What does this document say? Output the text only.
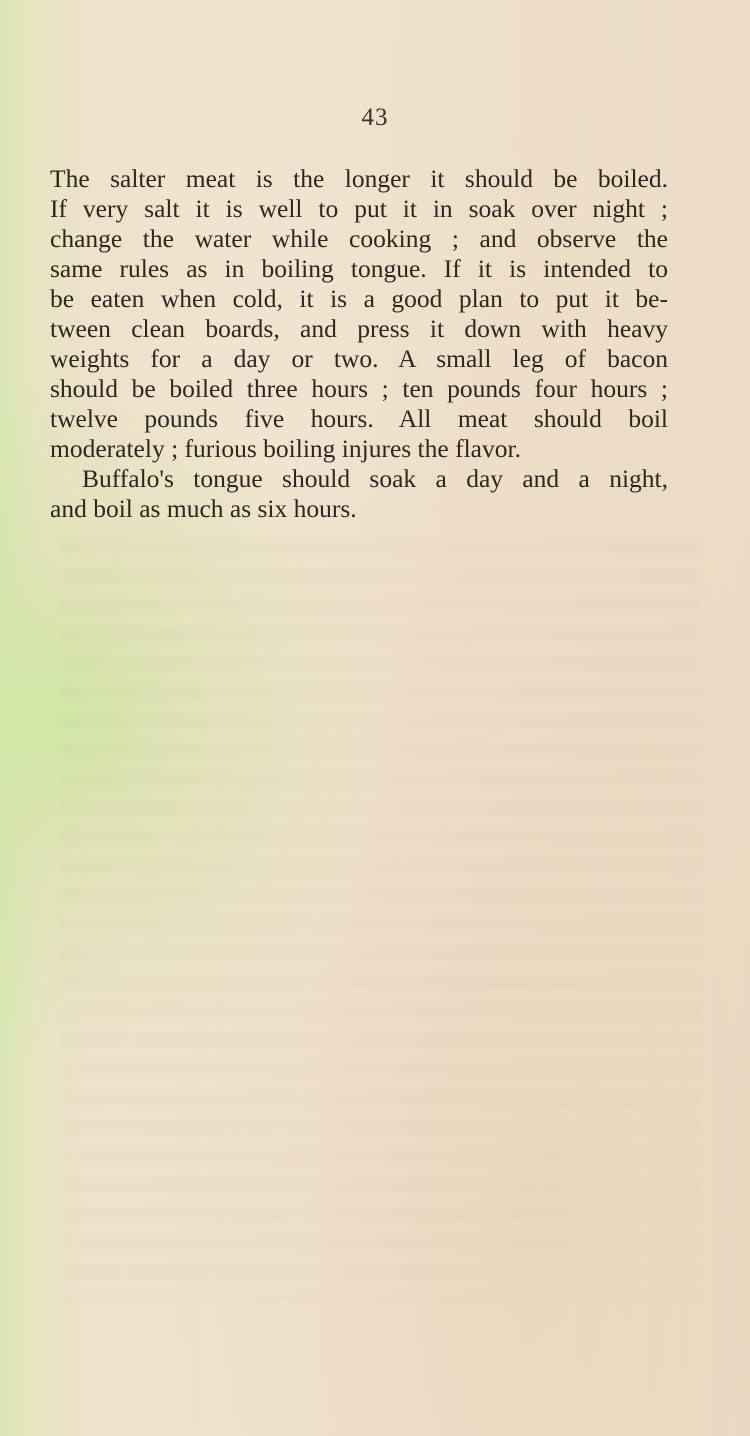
43
The salter meat is the longer it should be boiled.
If very salt it is well to put it in soak over night ;
change the water while cooking ; and observe the
same rules as in boiling tongue. If it is intended to
be eaten when cold, it is a good plan to put it be-
tween clean boards, and press it down with heavy
weights for a day or two. A small leg of bacon
should be boiled three hours ; ten pounds four hours ;
twelve pounds five hours. All meat should boil
moderately ; furious boiling injures the flavor.
Buffalo's tongue should soak a day and a night,
and boil as much as six hours.
